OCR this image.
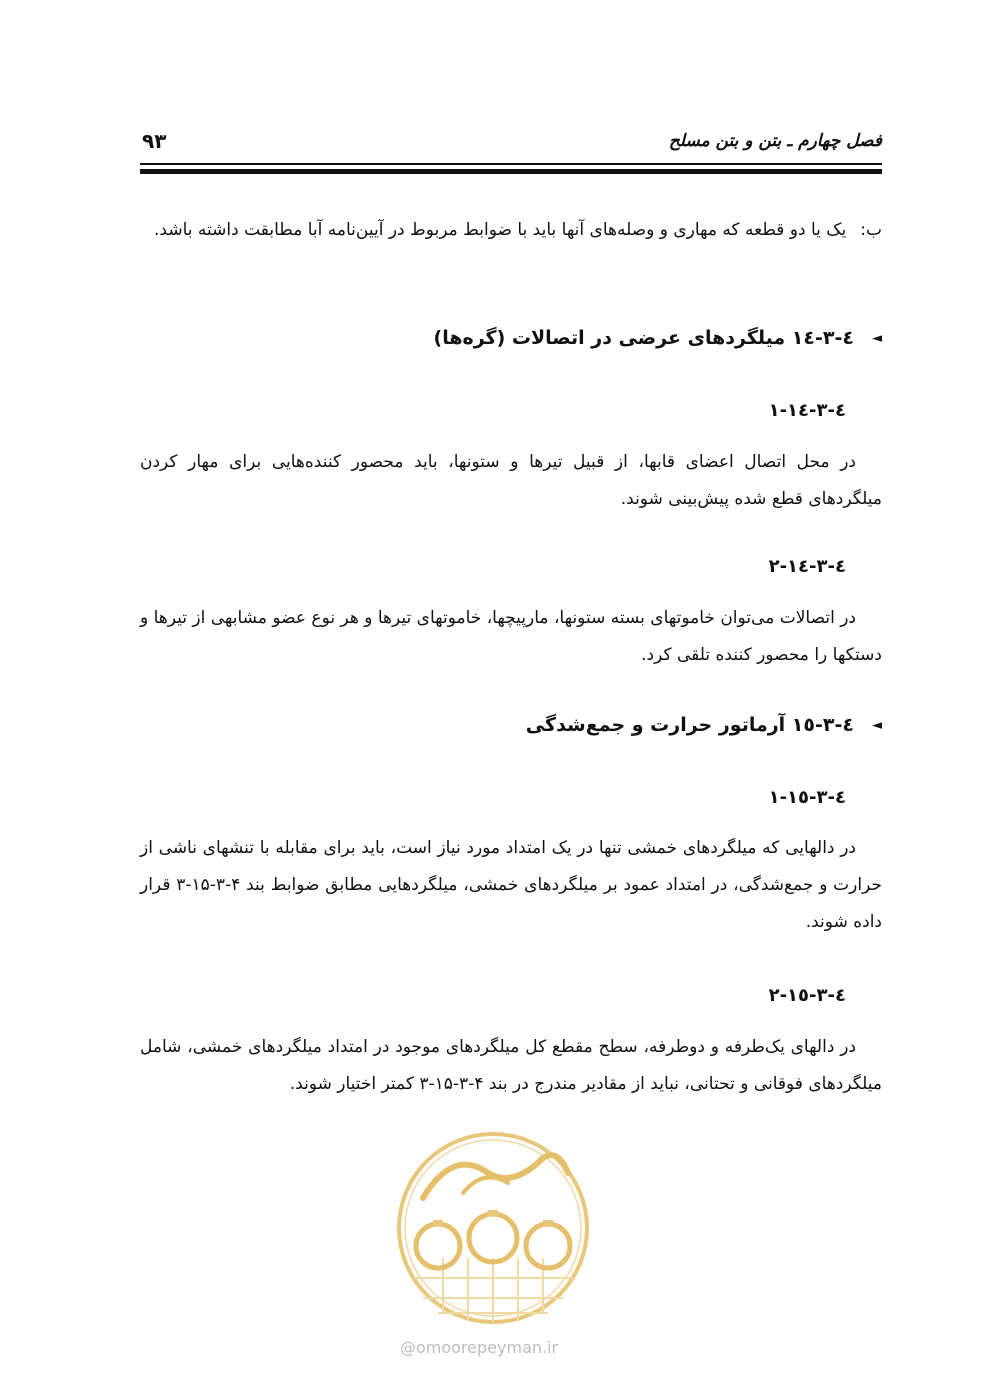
فصل چهارم ـ بتن و بتن مسلح
۹۳
ب:یک یا دو قطعه که مهاری و وصله‌های آنها باید با ضوابط مربوط در آیین‌نامه آبا مطابقت داشته باشد.
◄٤-٣-١٤ میلگردهای عرضی در اتصالات (گره‌ها)
٤-٣-١٤-١
در محل اتصال اعضای قابها، از قبیل تیرها و ستونها، باید محصور کننده‌هایی برای مهار کردن میلگردهای قطع شده پیش‌بینی شوند.
٤-٣-١٤-٢
در اتصالات می‌توان خاموتهای بسته ستونها، مارپیچها، خاموتهای تیرها و هر نوع عضو مشابهی از تیرها و دستکها را محصور کننده تلقی کرد.
◄٤-٣-١٥ آرماتور حرارت و جمع‌شدگی
٤-٣-١٥-١
در دالهایی که میلگردهای خمشی تنها در یک امتداد مورد نیاز است، باید برای مقابله با تنشهای ناشی از حرارت و جمع‌شدگی، در امتداد عمود بر میلگردهای خمشی، میلگردهایی مطابق ضوابط بند ۴-۳-۱۵-۳ قرار داده شوند.
٤-٣-١٥-٢
در دالهای یک‌طرفه و دوطرفه، سطح مقطع کل میلگردهای موجود در امتداد میلگردهای خمشی، شامل میلگردهای فوقانی و تحتانی، نباید از مقادیر مندرج در بند ۴-۳-۱۵-۳ کمتر اختیار شوند.
@omoorepeyman.ir
